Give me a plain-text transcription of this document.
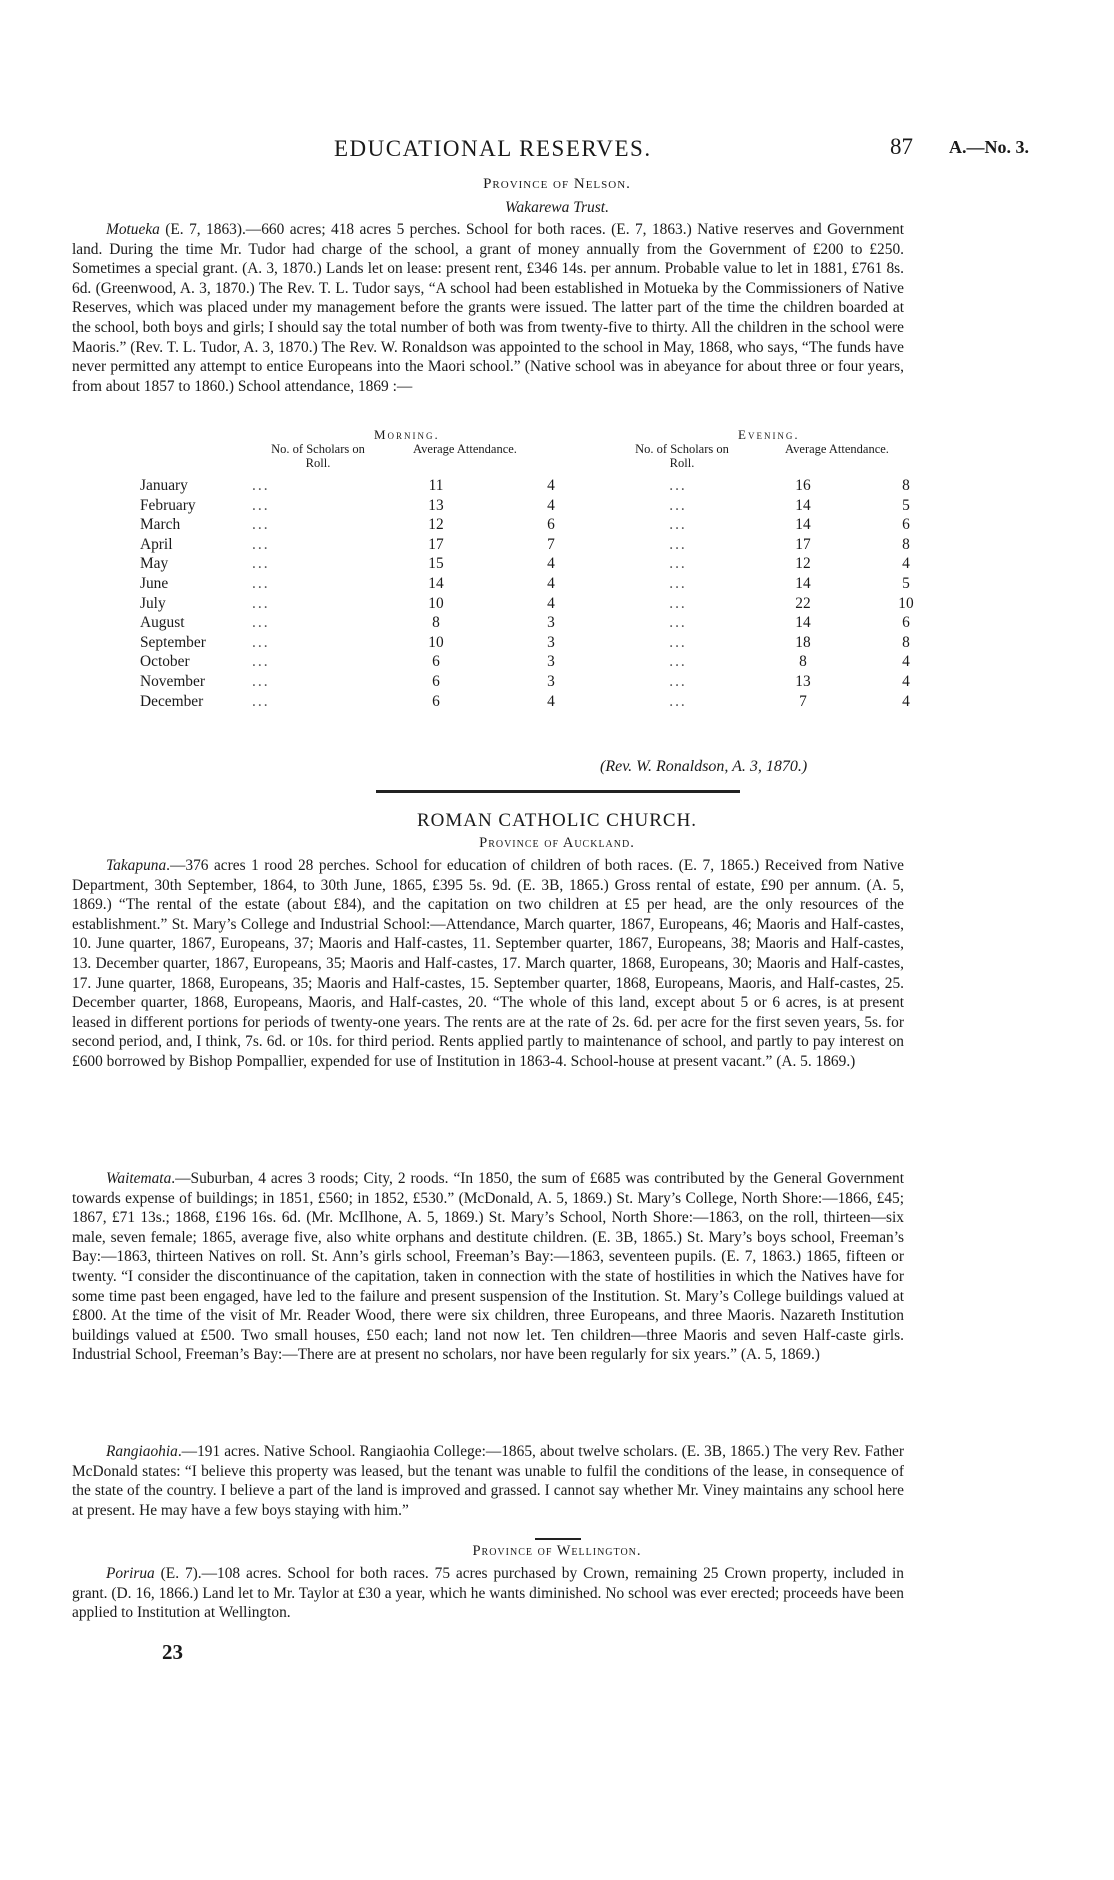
EDUCATIONAL RESERVES.	87 A.—No. 3.
Province of Nelson.
Wakarewa Trust.

Motueka (E. 7, 1863).—660 acres; 418 acres 5 perches. School for both races. (E. 7, 1863.) Native reserves and Government land. During the time Mr. Tudor had charge of the school, a grant of money annually from the Government of £200 to £250. Sometimes a special grant. (A. 3, 1870.) Lands let on lease: present rent, £346 14s. per annum. Probable value to let in 1881, £761 8s. 6d. (Greenwood, A. 3, 1870.) The Rev. T. L. Tudor says, “A school had been established in Motueka by the Commissioners of Native Reserves, which was placed under my management before the grants were issued. The latter part of the time the children boarded at the school, both boys and girls; I should say the total number of both was from twenty-five to thirty. All the children in the school were Maoris.” (Rev. T. L. Tudor, A. 3, 1870.) The Rev. W. Ronaldson was appointed to the school in May, 1868, who says, “The funds have never permitted any attempt to entice Europeans into the Maori school.” (Native school was in abeyance for about three or four years, from about 1857 to 1860.) School attendance, 1869 :—

Morning.	Evening.
No. of Scholars on Roll.
Average Attendance.	No. of Scholars on Roll.
Average Attendance.
January	...	11	4	...	16	8
February	...	13	4	...	14	5
March	...	12	6	...	14	6
April	...	17	7	...	17	8
May	...	15	4	...	12	4
June	...	14	4	...	14	5
July	...	10	4	...	22	10
August	...	8	3	...	14	6
September	...	10	3	...	18	8
October	...	6	3	...	8	4
November	...	6	3	...	13	4
December	...	6	4	...	7	4
(Rev. W. Ronaldson, A. 3, 1870.)
ROMAN CATHOLIC CHURCH.
Province of Auckland.

Takapuna.—376 acres 1 rood 28 perches. School for education of children of both races. (E. 7, 1865.) Received from Native Department, 30th September, 1864, to 30th June, 1865, £395 5s. 9d. (E. 3B, 1865.) Gross rental of estate, £90 per annum. (A. 5, 1869.) “The rental of the estate (about £84), and the capitation on two children at £5 per head, are the only resources of the establishment.” St. Mary’s College and Industrial School:—Attendance, March quarter, 1867, Europeans, 46; Maoris and Half-castes, 10. June quarter, 1867, Europeans, 37; Maoris and Half-castes, 11. September quarter, 1867, Europeans, 38; Maoris and Half-castes, 13. December quarter, 1867, Europeans, 35; Maoris and Half-castes, 17. March quarter, 1868, Europeans, 30; Maoris and Half-castes, 17. June quarter, 1868, Europeans, 35; Maoris and Half-castes, 15. September quarter, 1868, Europeans, Maoris, and Half-castes, 25. December quarter, 1868, Europeans, Maoris, and Half-castes, 20. “The whole of this land, except about 5 or 6 acres, is at present leased in different portions for periods of twenty-one years. The rents are at the rate of 2s. 6d. per acre for the first seven years, 5s. for second period, and, I think, 7s. 6d. or 10s. for third period. Rents applied partly to maintenance of school, and partly to pay interest on £600 borrowed by Bishop Pompallier, expended for use of Institution in 1863-4. School-house at present vacant.” (A. 5. 1869.)

Waitemata.—Suburban, 4 acres 3 roods; City, 2 roods. “In 1850, the sum of £685 was contributed by the General Government towards expense of buildings; in 1851, £560; in 1852, £530.” (McDonald, A. 5, 1869.) St. Mary’s College, North Shore:—1866, £45; 1867, £71 13s.; 1868, £196 16s. 6d. (Mr. McIlhone, A. 5, 1869.) St. Mary’s School, North Shore:—1863, on the roll, thirteen—six male, seven female; 1865, average five, also white orphans and destitute children. (E. 3B, 1865.) St. Mary’s boys school, Freeman’s Bay:—1863, thirteen Natives on roll. St. Ann’s girls school, Freeman’s Bay:—1863, seventeen pupils. (E. 7, 1863.) 1865, fifteen or twenty. “I consider the discontinuance of the capitation, taken in connection with the state of hostilities in which the Natives have for some time past been engaged, have led to the failure and present suspension of the Institution. St. Mary’s College buildings valued at £800. At the time of the visit of Mr. Reader Wood, there were six children, three Europeans, and three Maoris. Nazareth Institution buildings valued at £500. Two small houses, £50 each; land not now let. Ten children—three Maoris and seven Half-caste girls. Industrial School, Freeman’s Bay:—There are at present no scholars, nor have been regularly for six years.” (A. 5, 1869.)

Rangiaohia.—191 acres. Native School. Rangiaohia College:—1865, about twelve scholars. (E. 3B, 1865.) The very Rev. Father McDonald states: “I believe this property was leased, but the tenant was unable to fulfil the conditions of the lease, in consequence of the state of the country. I believe a part of the land is improved and grassed. I cannot say whether Mr. Viney maintains any school here at present. He may have a few boys staying with him.”

Province of Wellington.

Porirua (E. 7).—108 acres. School for both races. 75 acres purchased by Crown, remaining 25 Crown property, included in grant. (D. 16, 1866.) Land let to Mr. Taylor at £30 a year, which he wants diminished. No school was ever erected; proceeds have been applied to Institution at Wellington.

23
